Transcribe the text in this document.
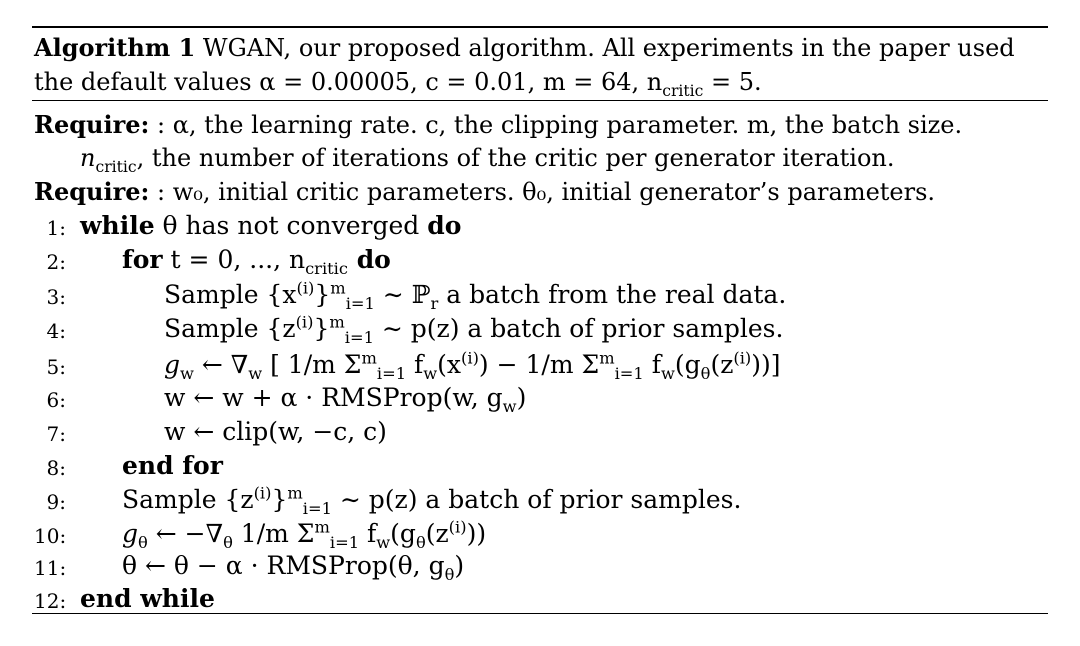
Algorithm 1 WGAN, our proposed algorithm. All experiments in the paper used
the default values α = 0.00005, c = 0.01, m = 64, $n_{critic} = 5$.
Require: : α, the learning rate. c, the clipping parameter. m, the batch size.
$n_{critic}$, the number of iterations of the critic per generator iteration.
Require: : w₀, initial critic parameters. θ₀, initial generator’s parameters.
1: while θ has not converged do
2: for t = 0, ..., $n_{critic}$ do
3:	Sample $\{x^{(i)}\}^m_{i=1}$ ∼ ℙ$_r$ a batch from the real data.
4:	Sample $\{z^{(i)}\}^m_{i=1}$ ∼ p(z) a batch of prior samples.
5:	$g_w$ ← $\nabla_w$ [ 1/m $\Sigma^m_{i=1}$ $f_w(x^{(i)}) - 1/m$ $\Sigma^m_{i=1}$ $f_w(g_\theta(z^{(i)}))$]
6:	w ← w + α · RMSProp(w, $g_w$)
7:	w ← clip(w, −c, c)
8: end for
9: Sample $\{z^{(i)}\}^m_{i=1}$ ∼ p(z) a batch of prior samples.
10: $g_\theta$ ← $-\nabla_\theta$ 1/m $\Sigma^m_{i=1}$ $f_w(g_\theta(z^{(i)}))$
11: θ ← θ − α · RMSProp(θ, $g_\theta$)
12: end while
